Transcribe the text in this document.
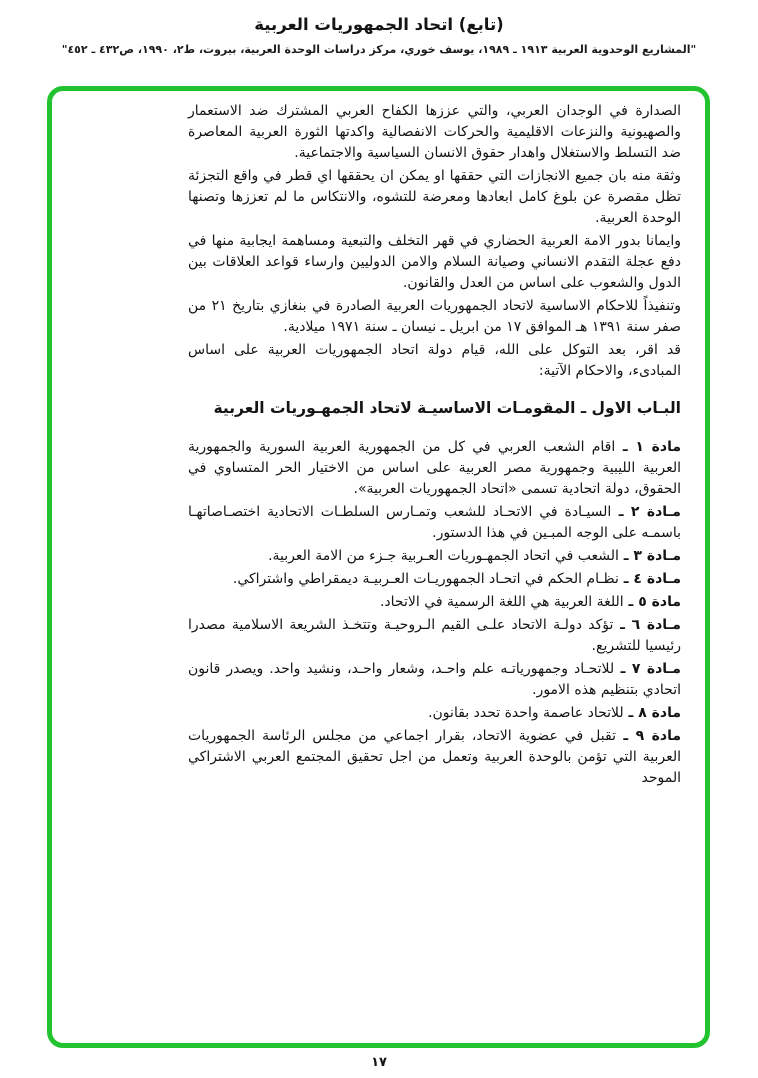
(تابع) اتحاد الجمهوريات العربية
"المشاريع الوحدوية العربية ١٩١٣ ـ ١٩٨٩، يوسف خوري، مركز دراسات الوحدة العربية، بيروت، ط٢، ١٩٩٠، ص٤٣٢ ـ ٤٥٢"

الصدارة في الوجدان العربي، والتي عززها الكفاح العربي المشترك ضد الاستعمار والصهيونية والنزعات الاقليمية والحركات الانفصالية واكدتها الثورة العربية المعاصرة ضد التسلط والاستغلال واهدار حقوق الانسان السياسية والاجتماعية.

وثقة منه بان جميع الانجازات التي حققها او يمكن ان يحققها اي قطر في واقع التجزئة تظل مقصرة عن بلوغ كامل ابعادها ومعرضة للتشوه، والانتكاس ما لم تعززها وتصنها الوحدة العربية.

وايمانا بدور الامة العربية الحضاري في قهر التخلف والتبعية ومساهمة ايجابية منها في دفع عجلة التقدم الانساني وصيانة السلام والامن الدوليين وارساء قواعد العلاقات بين الدول والشعوب على اساس من العدل والقانون.

وتنفيذاً للاحكام الاساسية لاتحاد الجمهوريات العربية الصادرة في بنغازي بتاريخ ٢١ من صفر سنة ١٣٩١ هـ الموافق ١٧ من ابريل ـ نيسان ـ سنة ١٩٧١ ميلادية.

قد اقر، بعد التوكل على الله، قيام دولة اتحاد الجمهوريات العربية على اساس المبادىء، والاحكام الآتية:

البـاب الاول ـ المقومـات الاساسيـة لاتحاد الجمهـوريات العربية

مادة ١ ـ اقام الشعب العربي في كل من الجمهورية العربية السورية والجمهورية العربية الليبية وجمهورية مصر العربية على اساس من الاختيار الحر المتساوي في الحقوق، دولة اتحادية تسمى «اتحاد الجمهوريات العربية».

مـادة ٢ ـ السيـادة في الاتحـاد للشعب وتمـارس السلطـات الاتحادية اختصـاصاتهـا باسمـه على الوجه المبـين في هذا الدستور.

مـادة ٣ ـ الشعب في اتحاد الجمهـوريات العـربية جـزء من الامة العربية.

مـادة ٤ ـ نظـام الحكم في اتحـاد الجمهوريـات العـربيـة ديمقراطي واشتراكي.

مادة ٥ ـ اللغة العربية هي اللغة الرسمية في الاتحاد.

مـادة ٦ ـ تؤكد دولـة الاتحاد علـى القيم الـروحيـة وتتخـذ الشريعة الاسلامية مصدرا رئيسيا للتشريع.

مـادة ٧ ـ للاتحـاد وجمهورياتـه علم واحـد، وشعار واحـد، ونشيد واحد. ويصدر قانون اتحادي بتنظيم هذه الامور.

مادة ٨ ـ للاتحاد عاصمة واحدة تحدد بقانون.

مادة ٩ ـ تقبل في عضوية الاتحاد، بقرار اجماعي من مجلس الرئاسة الجمهوريات العربية التي تؤمن بالوحدة العربية وتعمل من اجل تحقيق المجتمع العربي الاشتراكي الموحد

١٧
